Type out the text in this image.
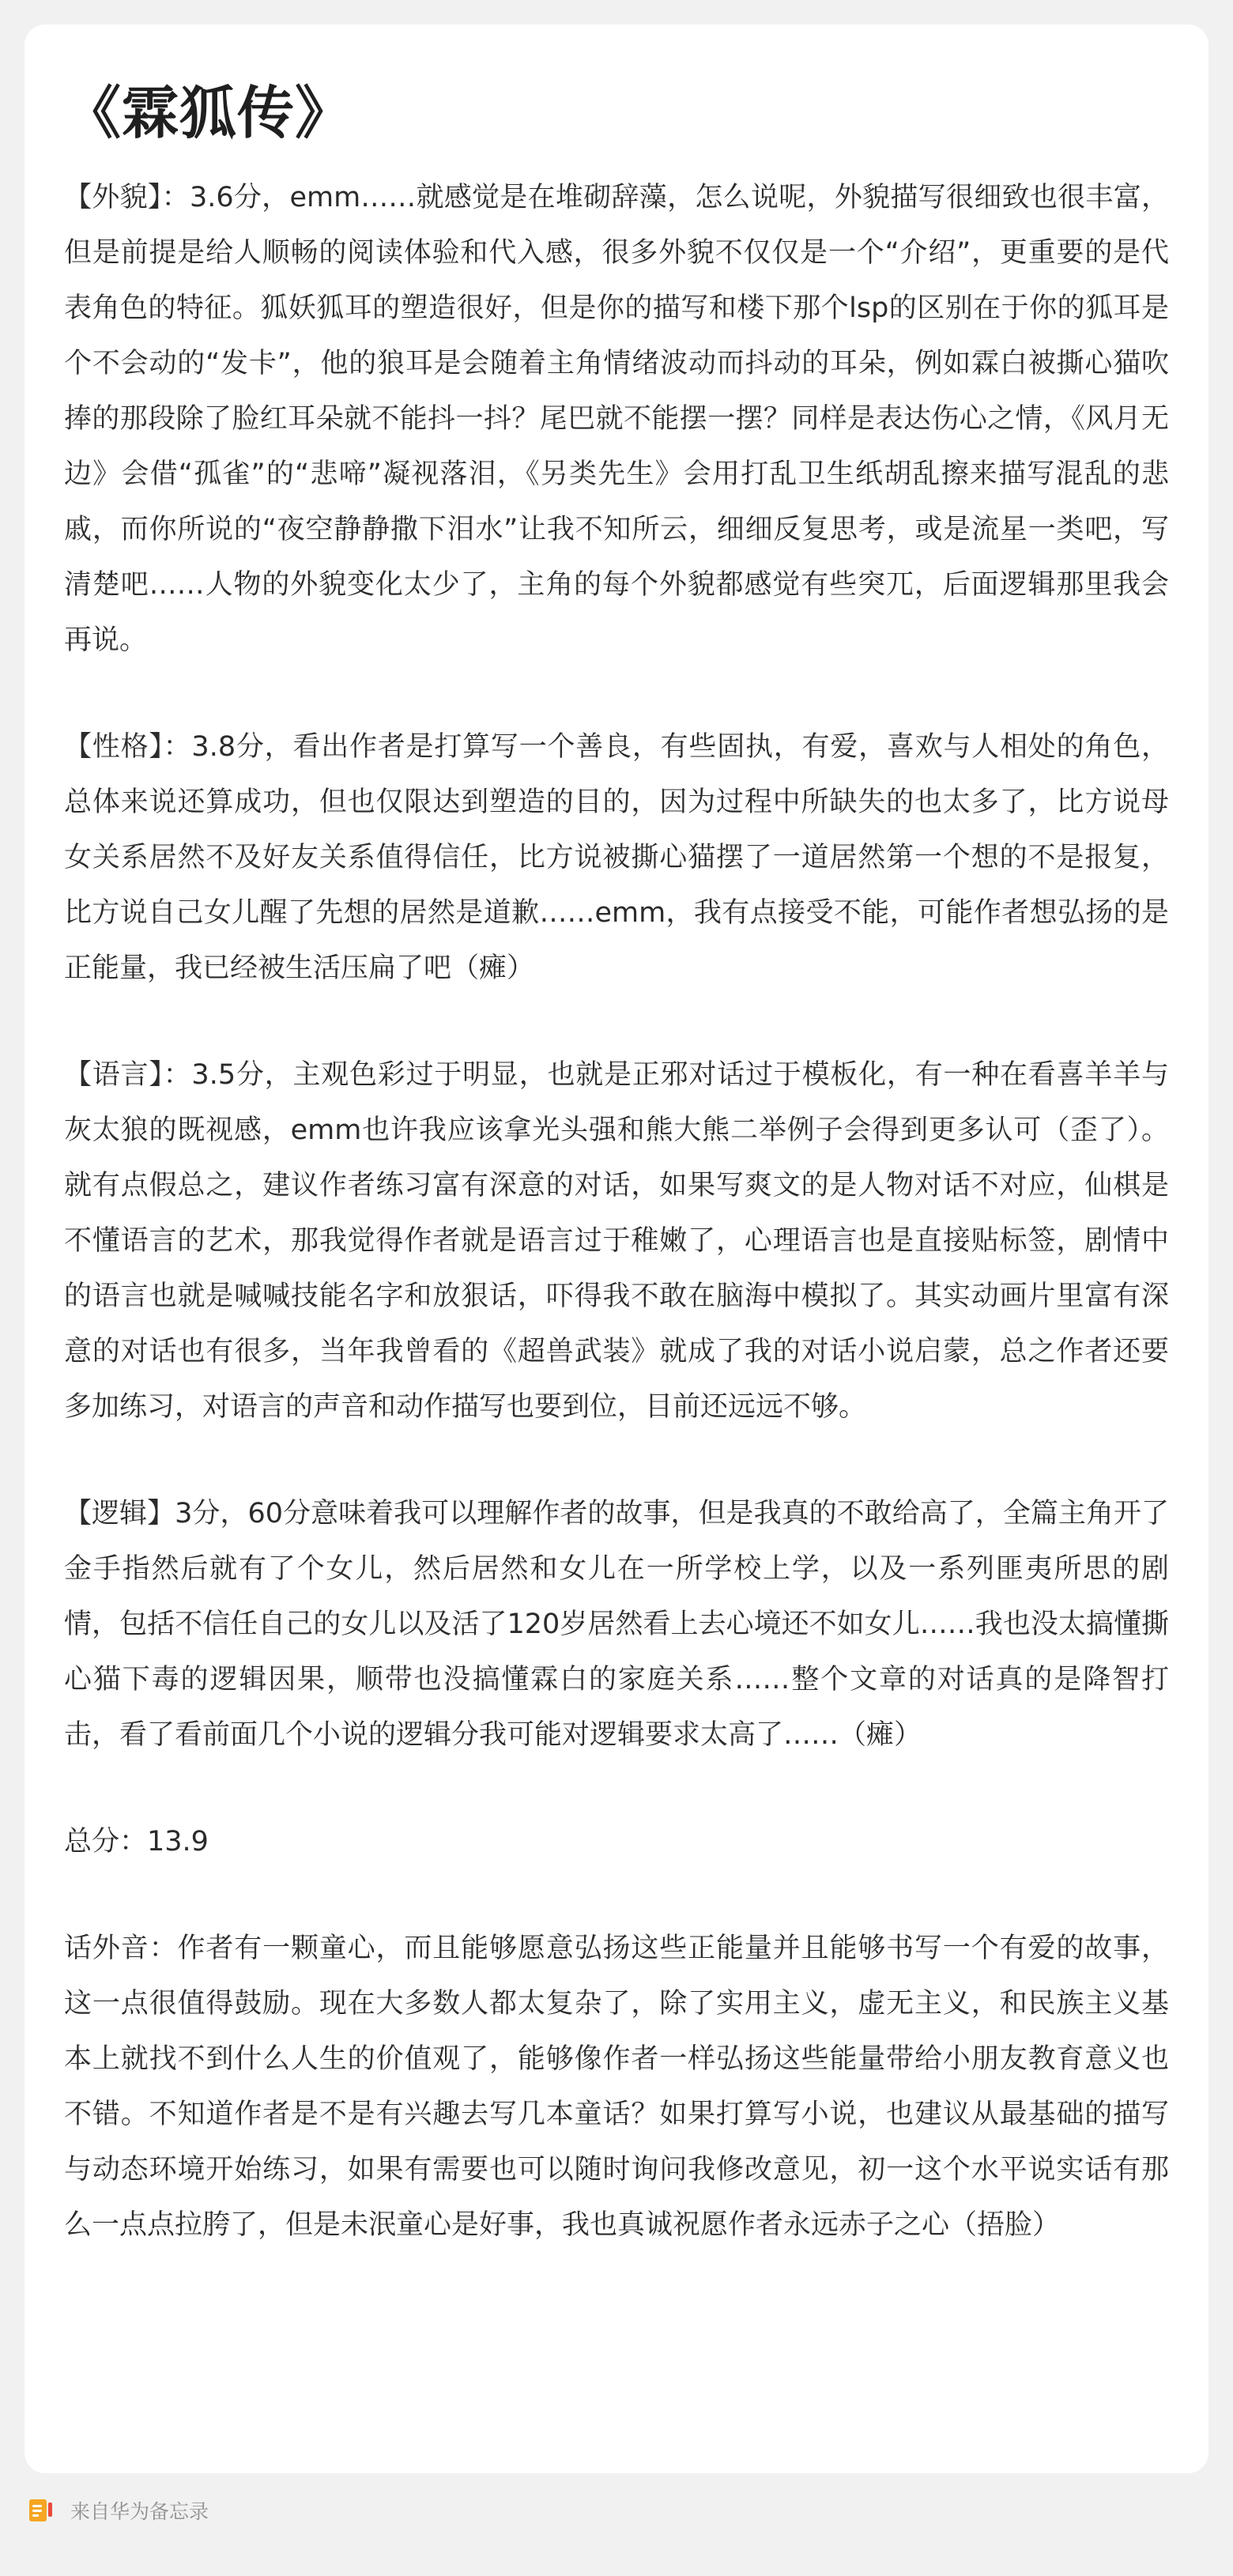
《霖狐传》

【外貌】：3.6分，emm……就感觉是在堆砌辞藻，怎么说呢，外貌描写很细致也很丰富，但是前提是给人顺畅的阅读体验和代入感，很多外貌不仅仅是一个“介绍”，更重要的是代表角色的特征。狐妖狐耳的塑造很好，但是你的描写和楼下那个lsp的区别在于你的狐耳是个不会动的“发卡”，他的狼耳是会随着主角情绪波动而抖动的耳朵，例如霖白被撕心猫吹捧的那段除了脸红耳朵就不能抖一抖？尾巴就不能摆一摆？同样是表达伤心之情，《风月无边》会借“孤雀”的“悲啼”凝视落泪，《另类先生》会用打乱卫生纸胡乱擦来描写混乱的悲戚，而你所说的“夜空静静撒下泪水”让我不知所云，细细反复思考，或是流星一类吧，写清楚吧……人物的外貌变化太少了，主角的每个外貌都感觉有些突兀，后面逻辑那里我会再说。

【性格】：3.8分，看出作者是打算写一个善良，有些固执，有爱，喜欢与人相处的角色，总体来说还算成功，但也仅限达到塑造的目的，因为过程中所缺失的也太多了，比方说母女关系居然不及好友关系值得信任，比方说被撕心猫摆了一道居然第一个想的不是报复，比方说自己女儿醒了先想的居然是道歉……emm，我有点接受不能，可能作者想弘扬的是正能量，我已经被生活压扁了吧（瘫）

【语言】：3.5分，主观色彩过于明显，也就是正邪对话过于模板化，有一种在看喜羊羊与灰太狼的既视感，emm也许我应该拿光头强和熊大熊二举例子会得到更多认可（歪了）。就有点假总之，建议作者练习富有深意的对话，如果写爽文的是人物对话不对应，仙棋是不懂语言的艺术，那我觉得作者就是语言过于稚嫩了，心理语言也是直接贴标签，剧情中的语言也就是喊喊技能名字和放狠话，吓得我不敢在脑海中模拟了。其实动画片里富有深意的对话也有很多，当年我曾看的《超兽武装》就成了我的对话小说启蒙，总之作者还要多加练习，对语言的声音和动作描写也要到位，目前还远远不够。

【逻辑】3分，60分意味着我可以理解作者的故事，但是我真的不敢给高了，全篇主角开了金手指然后就有了个女儿，然后居然和女儿在一所学校上学，以及一系列匪夷所思的剧情，包括不信任自己的女儿以及活了120岁居然看上去心境还不如女儿……我也没太搞懂撕心猫下毒的逻辑因果，顺带也没搞懂霖白的家庭关系……整个文章的对话真的是降智打击，看了看前面几个小说的逻辑分我可能对逻辑要求太高了……（瘫）

总分：13.9

话外音：作者有一颗童心，而且能够愿意弘扬这些正能量并且能够书写一个有爱的故事，这一点很值得鼓励。现在大多数人都太复杂了，除了实用主义，虚无主义，和民族主义基本上就找不到什么人生的价值观了，能够像作者一样弘扬这些能量带给小朋友教育意义也不错。不知道作者是不是有兴趣去写几本童话？如果打算写小说，也建议从最基础的描写与动态环境开始练习，如果有需要也可以随时询问我修改意见，初一这个水平说实话有那么一点点拉胯了，但是未泯童心是好事，我也真诚祝愿作者永远赤子之心（捂脸）

来自华为备忘录
